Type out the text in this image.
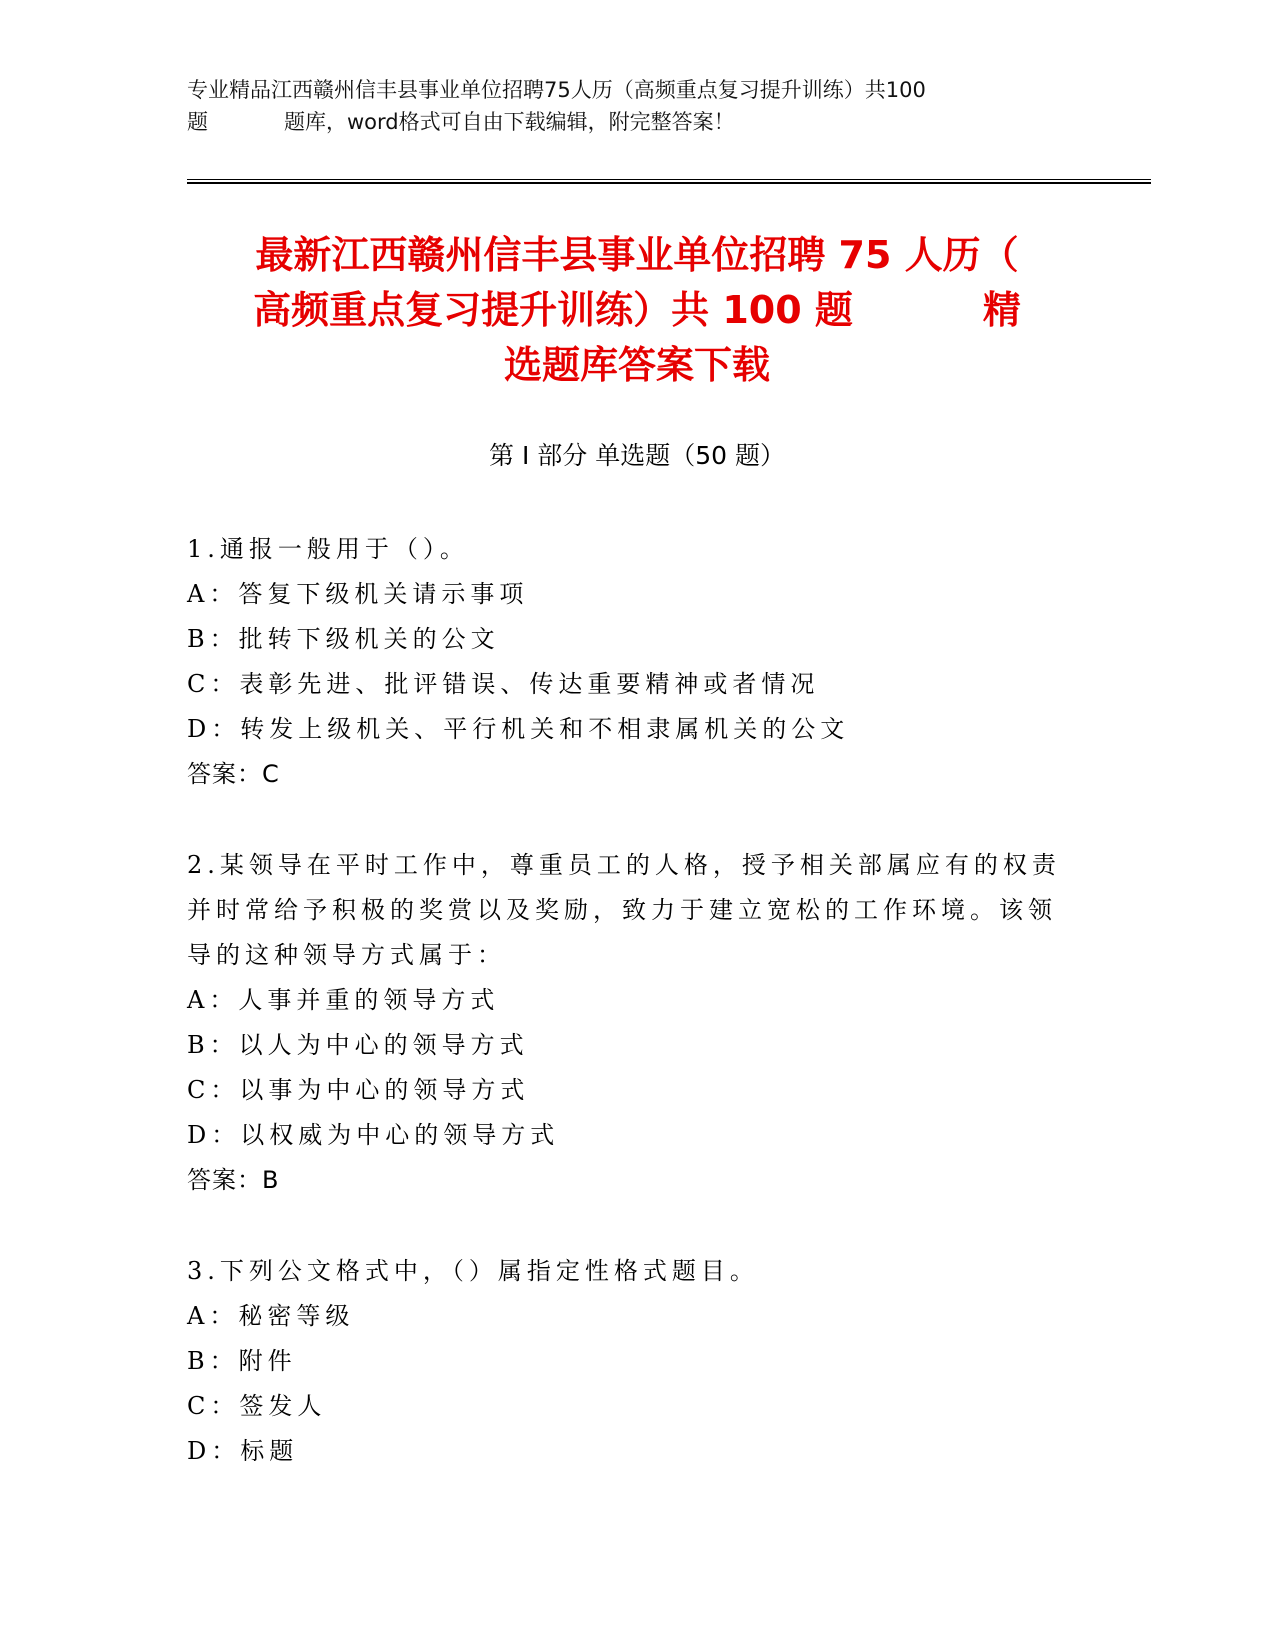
专业精品江西赣州信丰县事业单位招聘75人历（高频重点复习提升训练）共100
题	题库，word格式可自由下载编辑，附完整答案！
最新江西赣州信丰县事业单位招聘 75 人历（
高频重点复习提升训练）共 100 题	精
选题库答案下载
第 I 部分 单选题（50 题）
1.通报一般用于（）。
A：答复下级机关请示事项
B：批转下级机关的公文
C：表彰先进、批评错误、传达重要精神或者情况
D：转发上级机关、平行机关和不相隶属机关的公文
答案：C
2.某领导在平时工作中，尊重员工的人格，授予相关部属应有的权责
并时常给予积极的奖赏以及奖励，致力于建立宽松的工作环境。该领
导的这种领导方式属于：
A：人事并重的领导方式
B：以人为中心的领导方式
C：以事为中心的领导方式
D：以权威为中心的领导方式
答案：B
3.下列公文格式中，（）属指定性格式题目。
A：秘密等级
B：附件
C：签发人
D：标题
